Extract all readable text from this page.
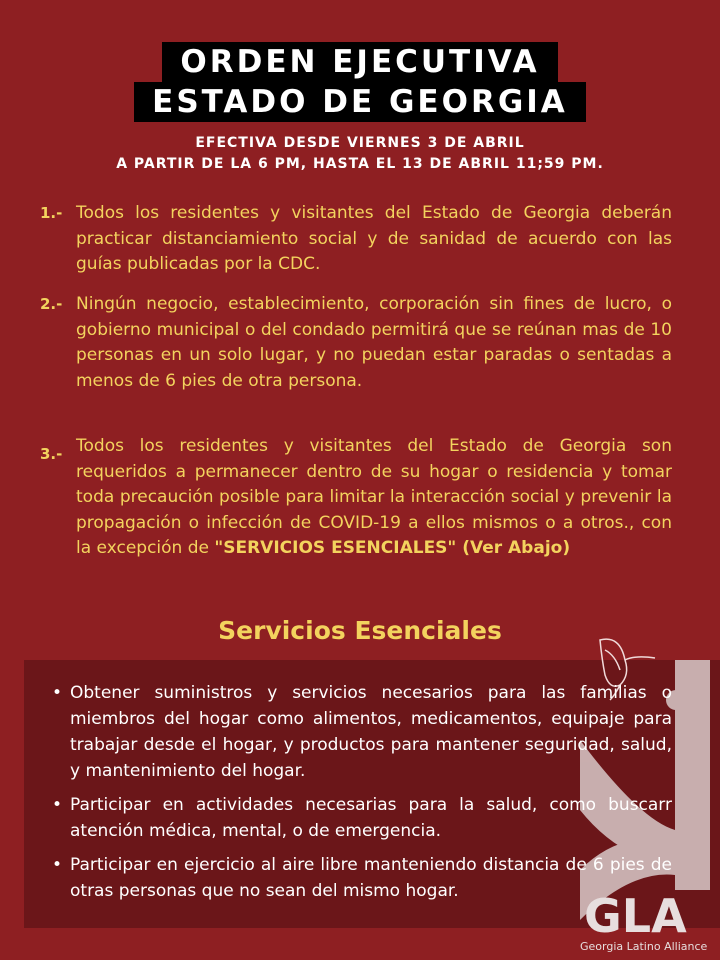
ORDEN EJECUTIVA
ESTADO DE GEORGIA
EFECTIVA DESDE VIERNES 3 DE ABRIL
A PARTIR DE LA 6 PM, HASTA EL 13 DE ABRIL 11;59 PM.
1.- Todos los residentes y visitantes del Estado de Georgia deberán practicar distanciamiento social y de sanidad de acuerdo con las guías publicadas por la CDC.
2.- Ningún negocio, establecimiento, corporación sin fines de lucro, o gobierno municipal o del condado permitirá que se reúnan mas de 10 personas en un solo lugar, y no puedan estar paradas o sentadas a menos de 6 pies de otra persona.
3.- Todos los residentes y visitantes del Estado de Georgia son requeridos a permanecer dentro de su hogar o residencia y tomar toda precaución posible para limitar la interacción social y prevenir la propagación o infección de COVID-19 a ellos mismos o a otros., con la excepción de "SERVICIOS ESENCIALES" (Ver Abajo)
Servicios Esenciales
GLA
Georgia Latino Alliance
• Obtener suministros y servicios necesarios para las familias o miembros del hogar como alimentos, medicamentos, equipaje para trabajar desde el hogar, y productos para mantener seguridad, salud, y mantenimiento del hogar.
• Participar en actividades necesarias para la salud, como buscarr atención médica, mental, o de emergencia.
• Participar en ejercicio al aire libre manteniendo distancia de 6 pies de otras personas que no sean del mismo hogar.
